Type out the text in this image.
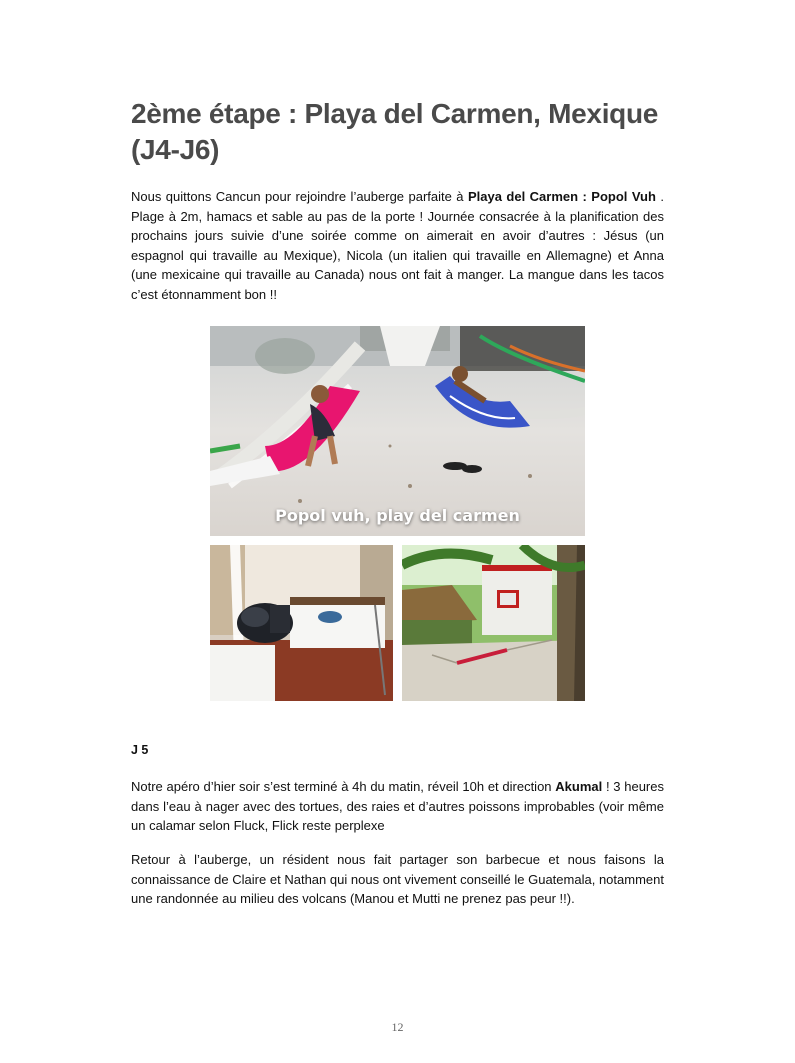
2ème étape : Playa del Carmen, Mexique (J4-J6)

Nous quittons Cancun pour rejoindre l’auberge parfaite à Playa del Carmen : Popol Vuh . Plage à 2m, hamacs et sable au pas de la porte ! Journée consacrée à la planification des prochains jours suivie d’une soirée comme on aimerait en avoir d’autres : Jésus (un espagnol qui travaille au Mexique), Nicola (un italien qui travaille en Allemagne) et Anna (une mexicaine qui travaille au Canada) nous ont fait à manger. La mangue dans les tacos c’est étonnamment bon !!

Popol vuh, play del carmen
J 5

Notre apéro d’hier soir s’est terminé à 4h du matin, réveil 10h et direction Akumal ! 3 heures dans l’eau à nager avec des tortues, des raies et d’autres poissons improbables (voir même un calamar selon Fluck, Flick reste perplexe

Retour à l’auberge, un résident nous fait partager son barbecue et nous faisons la connaissance de Claire et Nathan qui nous ont vivement conseillé le Guatemala, notamment une randonnée au milieu des volcans (Manou et Mutti ne prenez pas peur !!).

12
